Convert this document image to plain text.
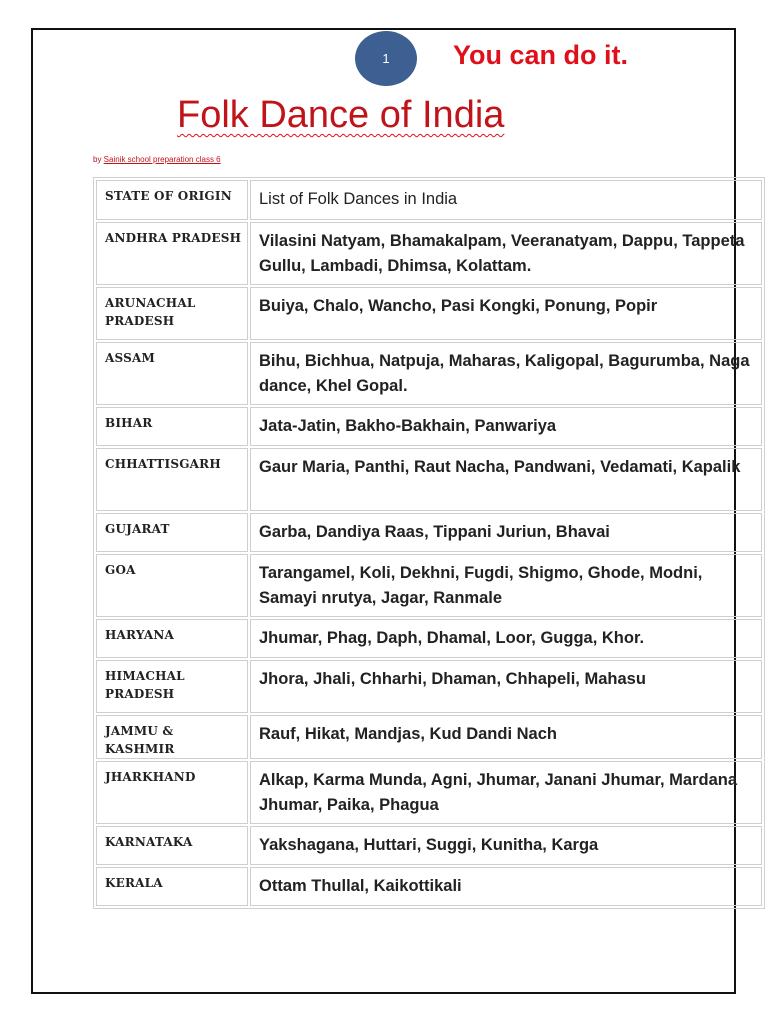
1 You can do it.
Folk Dance of India
by Sainik school preparation class 6
STATE OF ORIGIN	List of Folk Dances in India
ANDHRA PRADESH	Vilasini Natyam, Bhamakalpam, Veeranatyam, Dappu, Tappeta Gullu, Lambadi, Dhimsa, Kolattam.
ARUNACHAL PRADESH	Buiya, Chalo, Wancho, Pasi Kongki, Ponung, Popir
ASSAM	Bihu, Bichhua, Natpuja, Maharas, Kaligopal, Bagurumba, Naga dance, Khel Gopal.
BIHAR	Jata-Jatin, Bakho-Bakhain, Panwariya
CHHATTISGARH	Gaur Maria, Panthi, Raut Nacha, Pandwani, Vedamati, Kapalik
GUJARAT	Garba, Dandiya Raas, Tippani Juriun, Bhavai
GOA	Tarangamel, Koli, Dekhni, Fugdi, Shigmo, Ghode, Modni, Samayi nrutya, Jagar, Ranmale
HARYANA	Jhumar, Phag, Daph, Dhamal, Loor, Gugga, Khor.
HIMACHAL PRADESH	Jhora, Jhali, Chharhi, Dhaman, Chhapeli, Mahasu
JAMMU & KASHMIR	Rauf, Hikat, Mandjas, Kud Dandi Nach
JHARKHAND	Alkap, Karma Munda, Agni, Jhumar, Janani Jhumar, Mardana Jhumar, Paika, Phagua
KARNATAKA	Yakshagana, Huttari, Suggi, Kunitha, Karga
KERALA	Ottam Thullal, Kaikottikali
